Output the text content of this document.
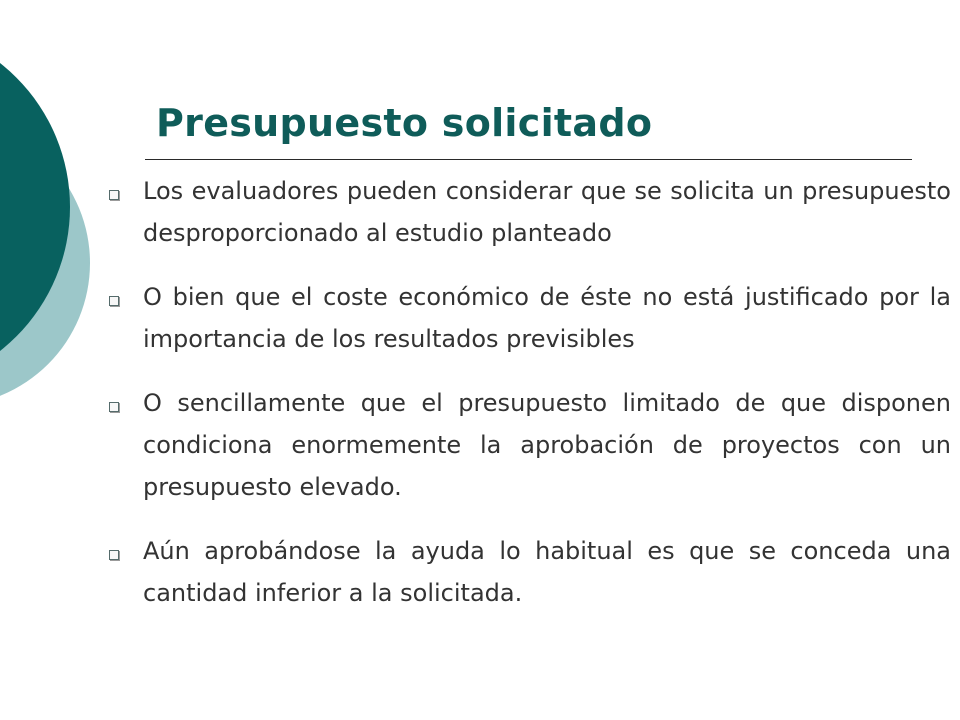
Presupuesto solicitado
Los evaluadores pueden considerar que se solicita un presupuesto desproporcionado al estudio planteado
O bien que el coste económico de éste no está justificado por la importancia de los resultados previsibles
O sencillamente que el presupuesto limitado de que disponen condiciona enormemente la aprobación de proyectos con un presupuesto elevado.
Aún aprobándose la ayuda lo habitual es que se conceda una cantidad inferior a la solicitada.
